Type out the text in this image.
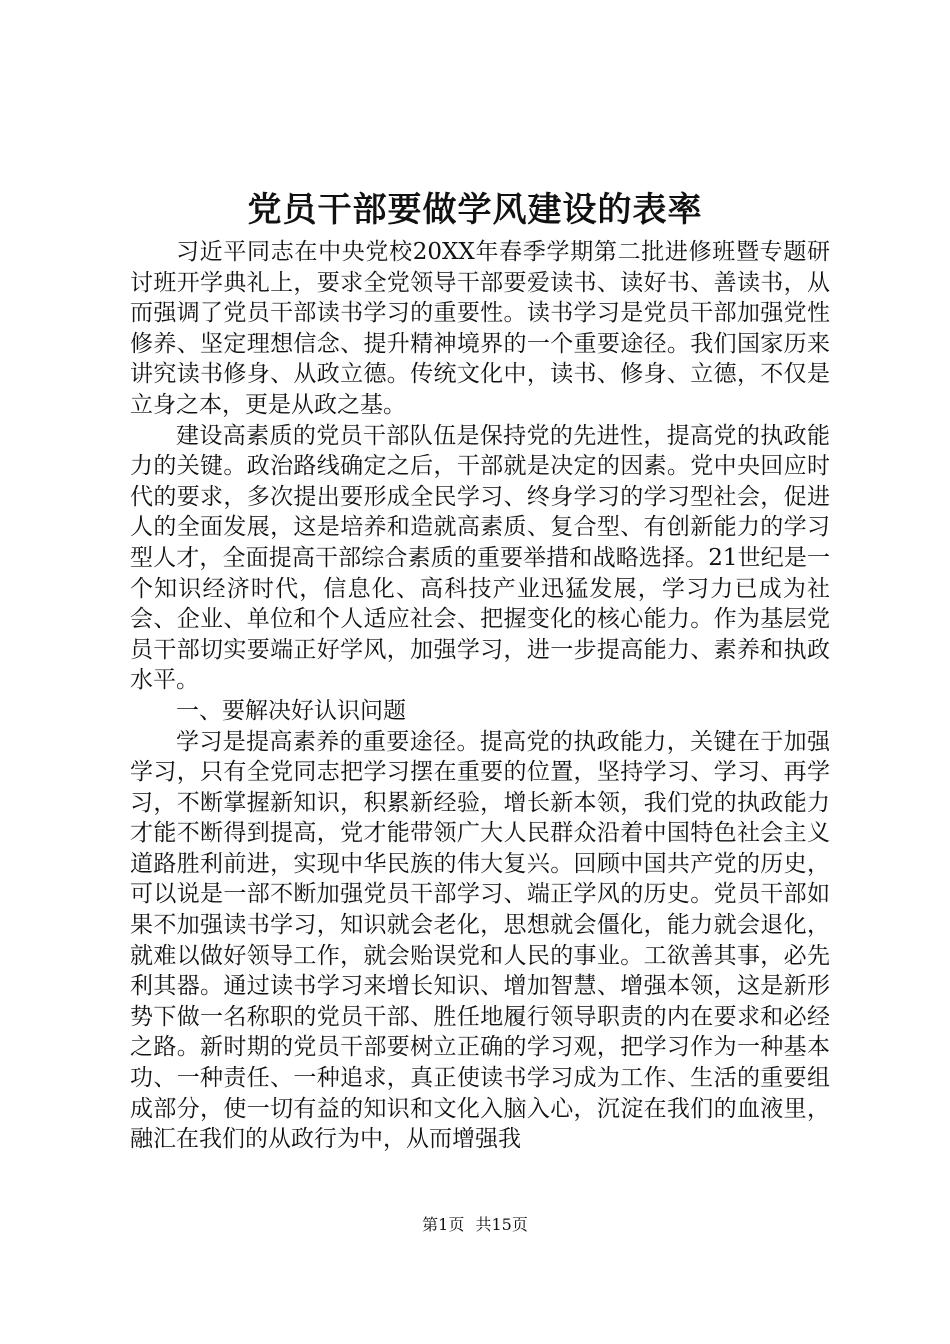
党员干部要做学风建设的表率

习近平同志在中央党校20XX年春季学期第二批进修班暨专题研讨班开学典礼上，要求全党领导干部要爱读书、读好书、善读书，从而强调了党员干部读书学习的重要性。读书学习是党员干部加强党性修养、坚定理想信念、提升精神境界的一个重要途径。我们国家历来讲究读书修身、从政立德。传统文化中，读书、修身、立德，不仅是立身之本，更是从政之基。

建设高素质的党员干部队伍是保持党的先进性，提高党的执政能力的关键。政治路线确定之后，干部就是决定的因素。党中央回应时代的要求，多次提出要形成全民学习、终身学习的学习型社会，促进人的全面发展，这是培养和造就高素质、复合型、有创新能力的学习型人才，全面提高干部综合素质的重要举措和战略选择。21世纪是一个知识经济时代，信息化、高科技产业迅猛发展，学习力已成为社会、企业、单位和个人适应社会、把握变化的核心能力。作为基层党员干部切实要端正好学风，加强学习，进一步提高能力、素养和执政水平。

一、要解决好认识问题

学习是提高素养的重要途径。提高党的执政能力，关键在于加强学习，只有全党同志把学习摆在重要的位置，坚持学习、学习、再学习，不断掌握新知识，积累新经验，增长新本领，我们党的执政能力才能不断得到提高，党才能带领广大人民群众沿着中国特色社会主义道路胜利前进，实现中华民族的伟大复兴。回顾中国共产党的历史，可以说是一部不断加强党员干部学习、端正学风的历史。党员干部如果不加强读书学习，知识就会老化，思想就会僵化，能力就会退化，就难以做好领导工作，就会贻误党和人民的事业。工欲善其事，必先利其器。通过读书学习来增长知识、增加智慧、增强本领，这是新形势下做一名称职的党员干部、胜任地履行领导职责的内在要求和必经之路。新时期的党员干部要树立正确的学习观，把学习作为一种基本功、一种责任、一种追求，真正使读书学习成为工作、生活的重要组成部分，使一切有益的知识和文化入脑入心，沉淀在我们的血液里，融汇在我们的从政行为中，从而增强我

第1页 共15页
